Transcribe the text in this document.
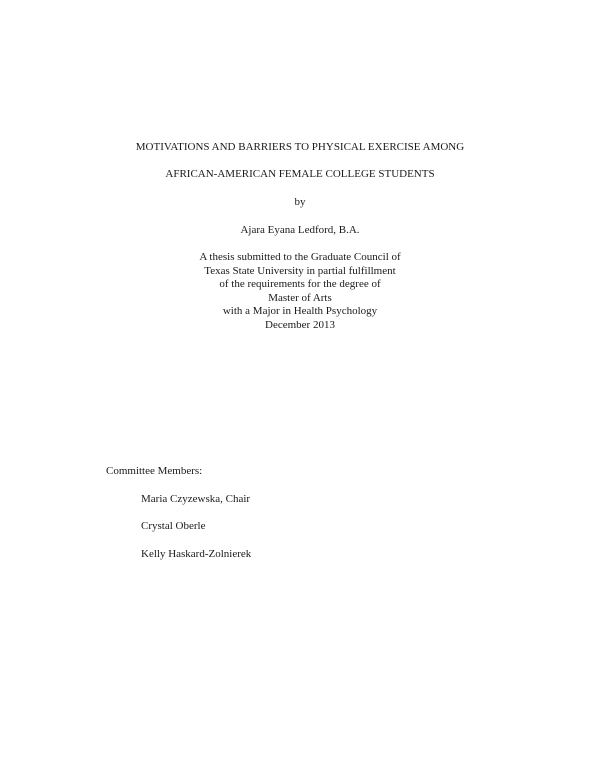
MOTIVATIONS AND BARRIERS TO PHYSICAL EXERCISE AMONG
AFRICAN-AMERICAN FEMALE COLLEGE STUDENTS
by
Ajara Eyana Ledford, B.A.
A thesis submitted to the Graduate Council of
Texas State University in partial fulfillment
of the requirements for the degree of
Master of Arts
with a Major in Health Psychology
December 2013
Committee Members:
Maria Czyzewska, Chair
Crystal Oberle
Kelly Haskard-Zolnierek
